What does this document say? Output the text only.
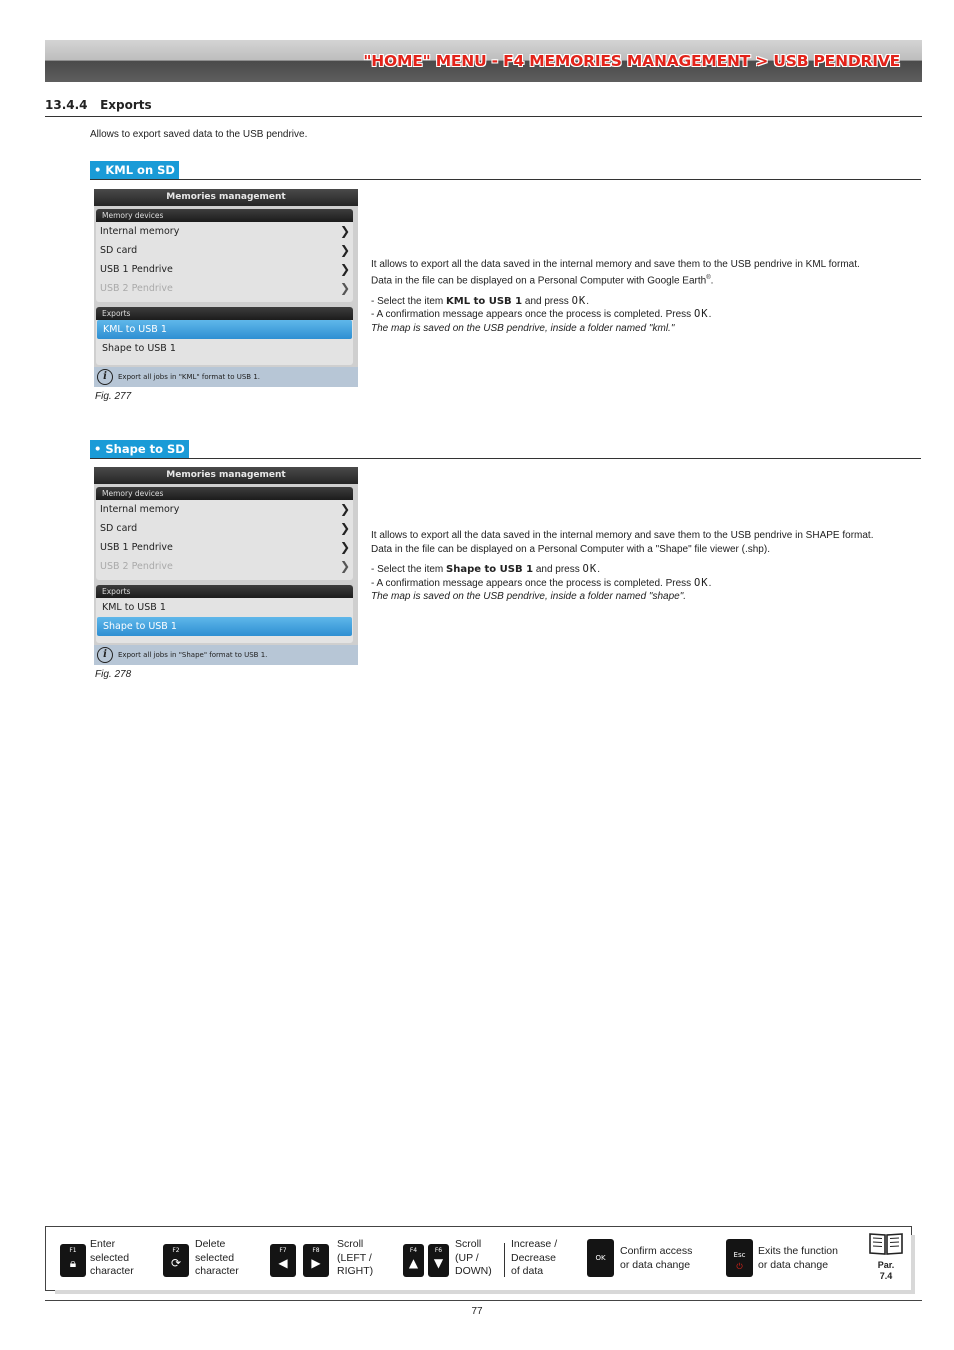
"HOME" MENU - F4 MEMORIES MANAGEMENT > USB PENDRIVE
13.4.4 Exports
Allows to export saved data to the USB pendrive.
• KML on SD
Memories management
Memory devices
Internal memory	❯
SD card	❯
USB 1 Pendrive	❯
USB 2 Pendrive	❯
Exports
KML to USB 1
Shape to USB 1
i	Export all jobs in "KML" format to USB 1.
Fig. 277

It allows to export all the data saved in the internal memory and save them to the USB pendrive in KML format.

Data in the file can be displayed on a Personal Computer with Google Earth®.

- Select the item KML to USB 1 and press OK.

- A confirmation message appears once the process is completed. Press OK.

The map is saved on the USB pendrive, inside a folder named "kml."

• Shape to SD
Memories management
Memory devices
Internal memory	❯
SD card	❯
USB 1 Pendrive	❯
USB 2 Pendrive	❯
Exports
KML to USB 1
Shape to USB 1
i	Export all jobs in "Shape" format to USB 1.
Fig. 278

It allows to export all the data saved in the internal memory and save them to the USB pendrive in SHAPE format.

Data in the file can be displayed on a Personal Computer with a "Shape" file viewer (.shp).

- Select the item Shape to USB 1 and press OK.

- A confirmation message appears once the process is completed. Press OK.

The map is saved on the USB pendrive, inside a folder named "shape".

F1
🔒︎
Enter
selected
character
F2
⟳
Delete
selected
character
F7
◀
F8
▶
Scroll
(LEFT /
RIGHT)
F4
▲
F6
▼
Scroll
(UP /
DOWN)
Increase /
Decrease
of data
OK
Confirm access
or data change
Esc
⏻
Exits the function
or data change	Par.
7.4
77
